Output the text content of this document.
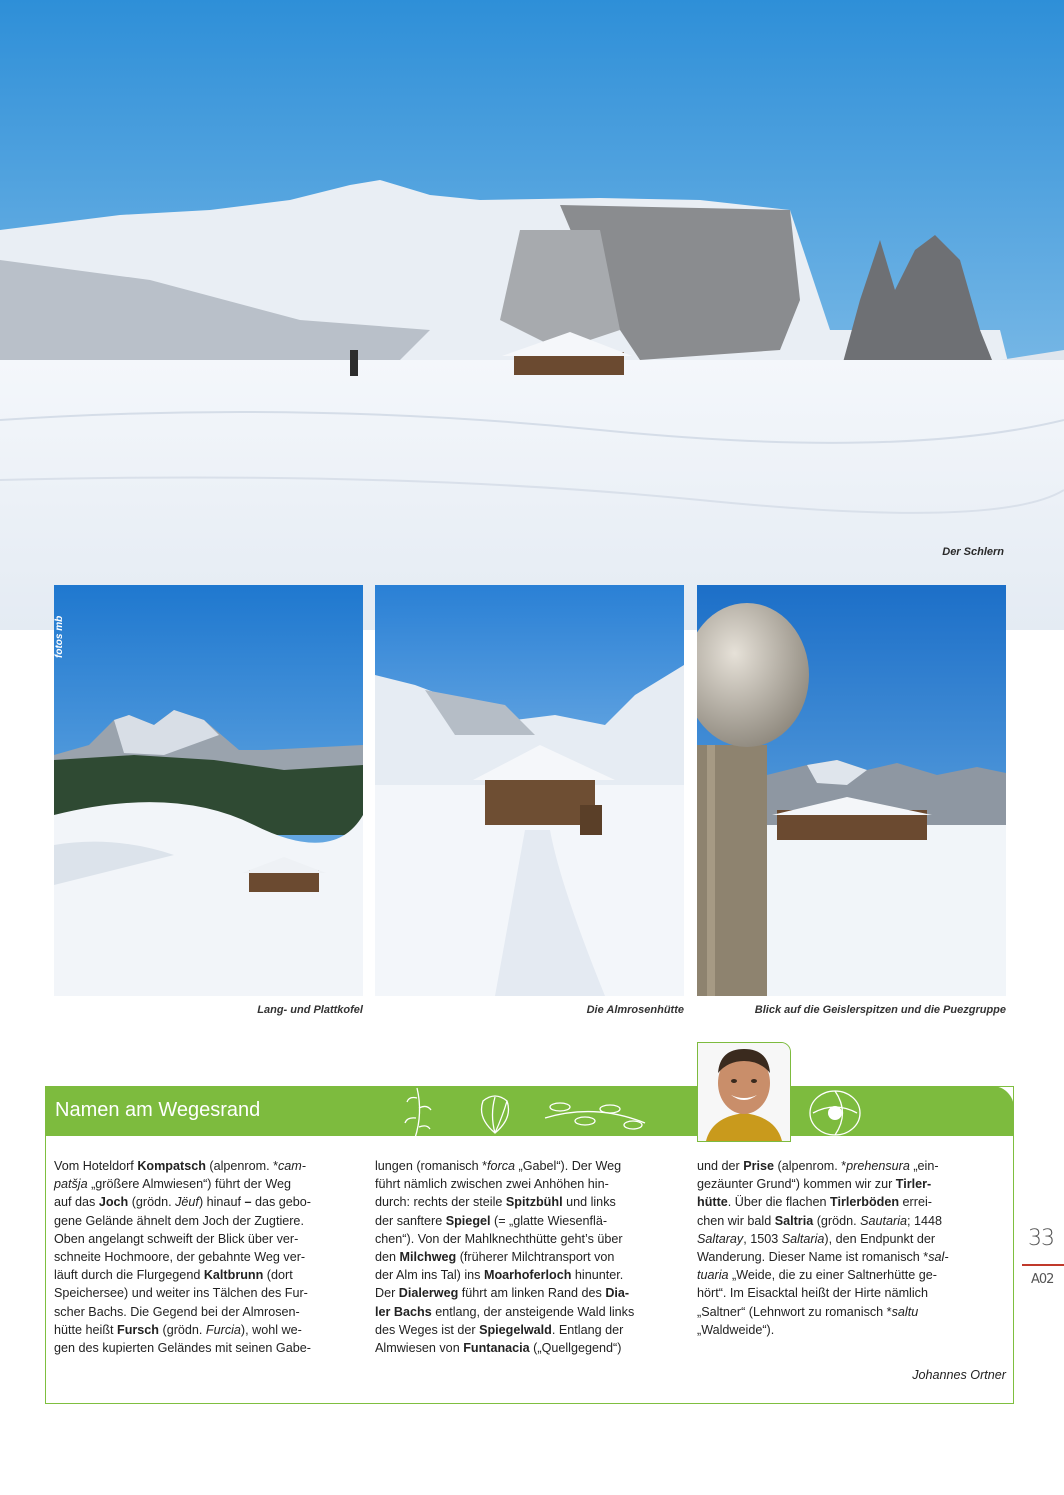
Der Schlern
fotos mb
Lang- und Plattkofel	Die Almrosenhütte	Blick auf die Geislerspitzen und die Puezgruppe
Namen am Wegesrand
Vom Hoteldorf Kompatsch (alpenrom. *cam-
patšja „größere Almwiesen“) führt der Weg
auf das Joch (grödn. Jëuf) hinauf – das gebo-
gene Gelände ähnelt dem Joch der Zugtiere.
Oben angelangt schweift der Blick über ver-
schneite Hochmoore, der gebahnte Weg ver-
läuft durch die Flurgegend Kaltbrunn (dort
Speichersee) und weiter ins Tälchen des Fur-
scher Bachs. Die Gegend bei der Almrosen-
hütte heißt Fursch (grödn. Furcia), wohl we-
gen des kupierten Geländes mit seinen Gabe-
lungen (romanisch *forca „Gabel“). Der Weg
führt nämlich zwischen zwei Anhöhen hin-
durch: rechts der steile Spitzbühl und links
der sanftere Spiegel (= „glatte Wiesenflä-
chen“). Von der Mahlknechthütte geht’s über
den Milchweg (früherer Milchtransport von
der Alm ins Tal) ins Moarhoferloch hinunter.
Der Dialerweg führt am linken Rand des Dia-
ler Bachs entlang, der ansteigende Wald links
des Weges ist der Spiegelwald. Entlang der
Almwiesen von Funtanacia („Quellgegend“)
und der Prise (alpenrom. *prehensura „ein-
gezäunter Grund“) kommen wir zur Tirler-
hütte. Über die flachen Tirlerböden errei-
chen wir bald Saltria (grödn. Sautaria; 1448
Saltaray, 1503 Saltaria), den Endpunkt der
Wanderung. Dieser Name ist romanisch *sal-
tuaria „Weide, die zu einer Saltnerhütte ge-
hört“. Im Eisacktal heißt der Hirte nämlich
„Saltner“ (Lehnwort zu romanisch *saltu
„Waldweide“).
Johannes Ortner
33
A02
